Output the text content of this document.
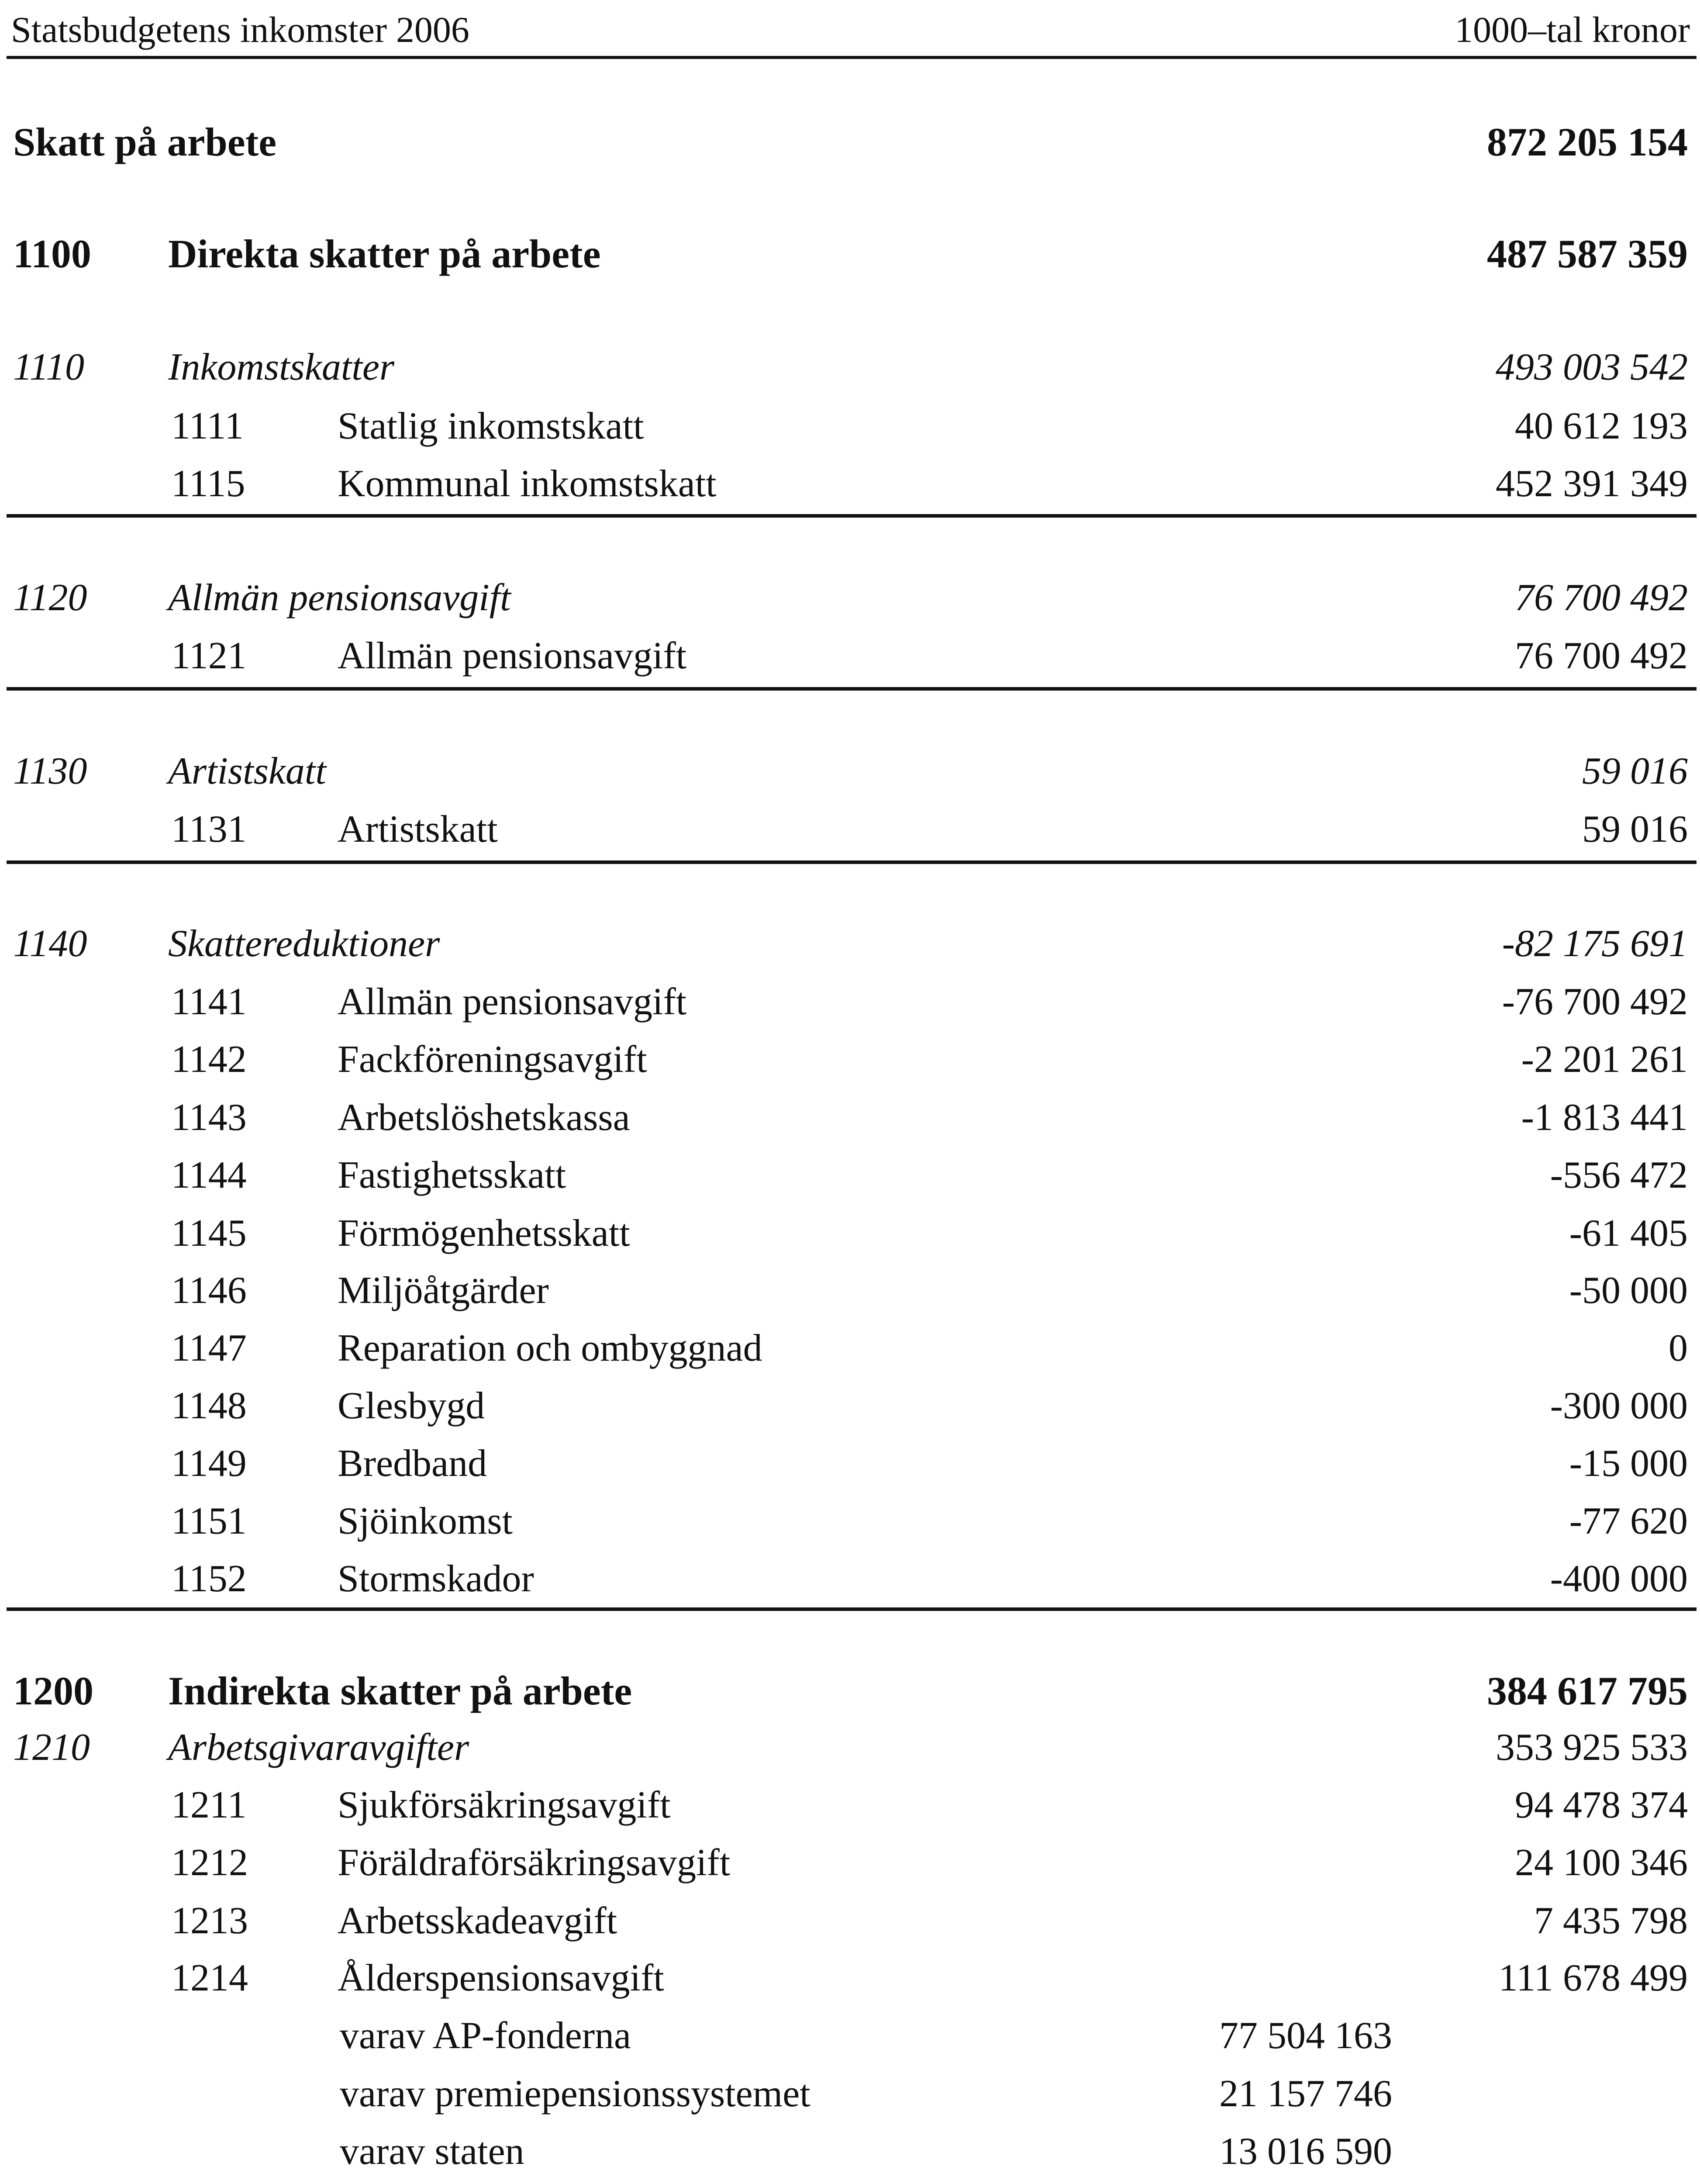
Statsbudgetens inkomster 2006	1000–tal kronor
Skatt på arbete	872 205 154
1100 Direkta skatter på arbete	487 587 359
1110 Inkomstskatter	493 003 542
1111 Statlig inkomstskatt	40 612 193
1115 Kommunal inkomstskatt	452 391 349
1120 Allmän pensionsavgift	76 700 492
1121 Allmän pensionsavgift	76 700 492
1130 Artistskatt	59 016
1131 Artistskatt	59 016
1140 Skattereduktioner	-82 175 691
1141 Allmän pensionsavgift	-76 700 492
1142 Fackföreningsavgift	-2 201 261
1143 Arbetslöshetskassa	-1 813 441
1144 Fastighetsskatt	-556 472
1145 Förmögenhetsskatt	-61 405
1146 Miljöåtgärder	-50 000
1147 Reparation och ombyggnad	0
1148 Glesbygd	-300 000
1149 Bredband	-15 000
1151 Sjöinkomst	-77 620
1152 Stormskador	-400 000
1200 Indirekta skatter på arbete	384 617 795
1210 Arbetsgivaravgifter	353 925 533
1211 Sjukförsäkringsavgift	94 478 374
1212 Föräldraförsäkringsavgift	24 100 346
1213 Arbetsskadeavgift	7 435 798
1214 Ålderspensionsavgift	111 678 499
varav AP-fonderna	77 504 163
varav premiepensionssystemet	21 157 746
varav staten	13 016 590
